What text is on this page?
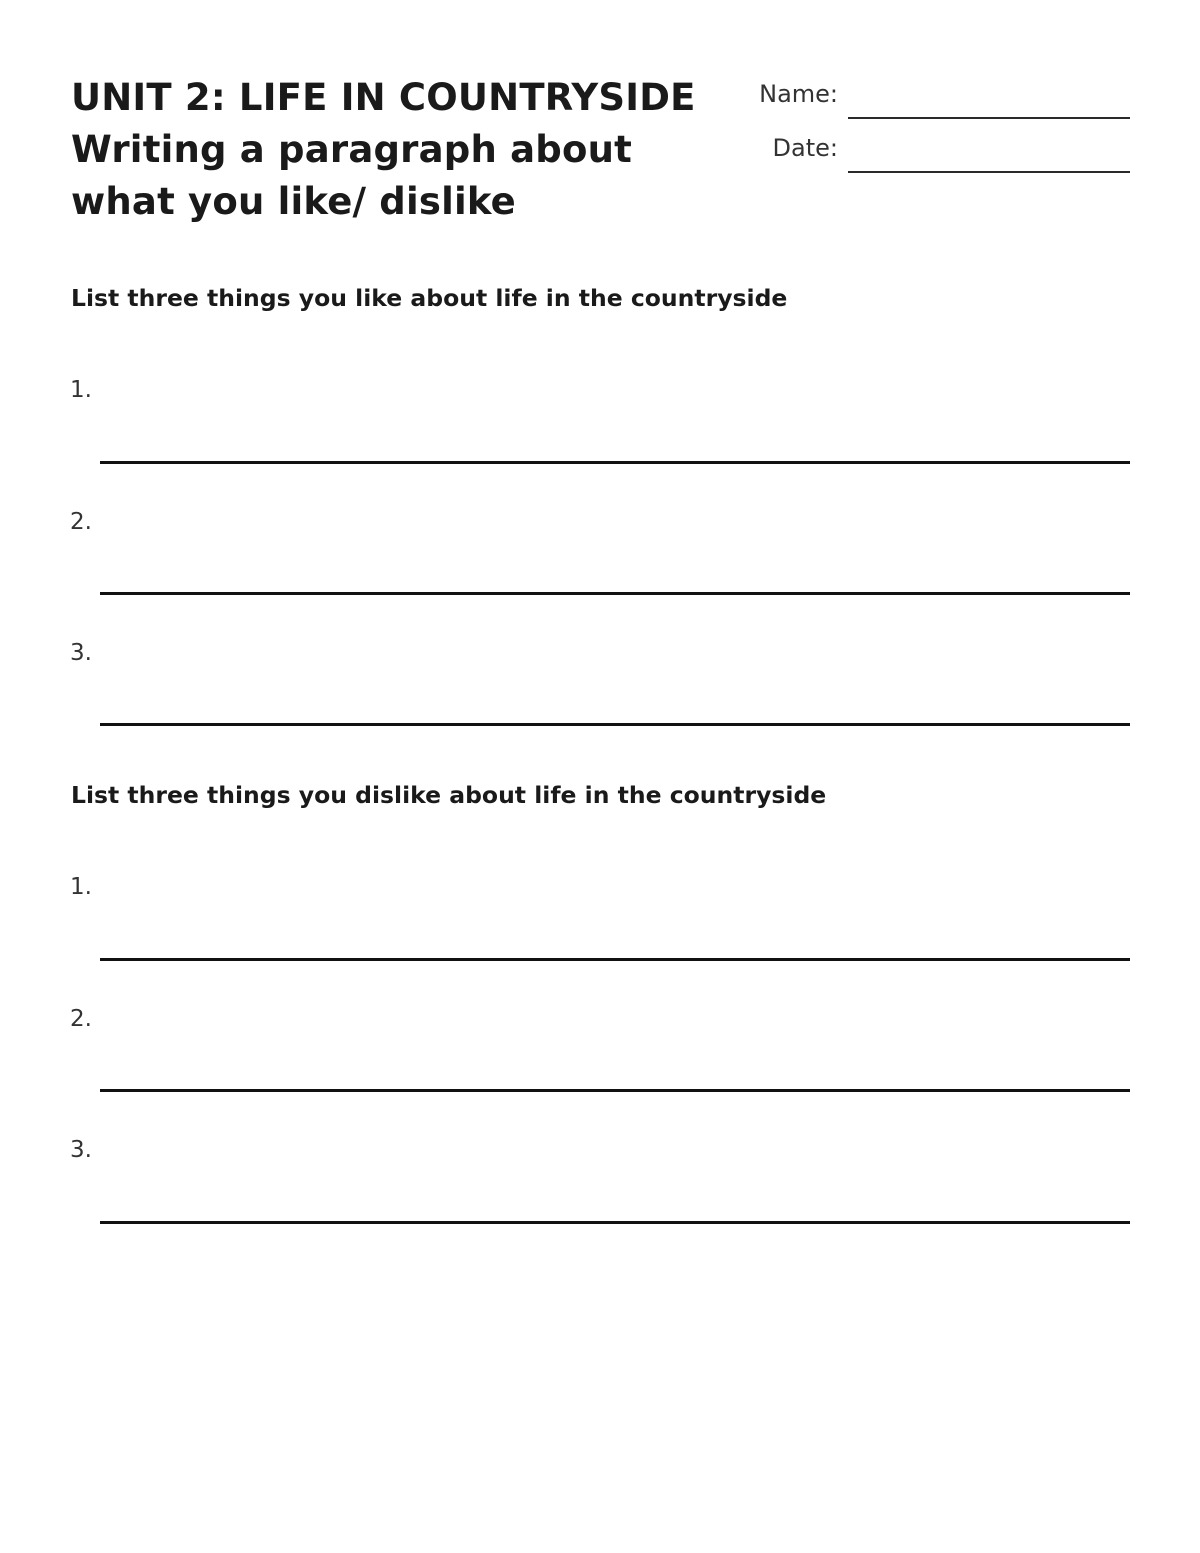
UNIT 2: LIFE IN COUNTRYSIDE
Writing a paragraph about
what you like/ dislike
Name:
Date:
List three things you like about life in the countryside
1.
2.
3.
List three things you dislike about life in the countryside
1.
2.
3.
